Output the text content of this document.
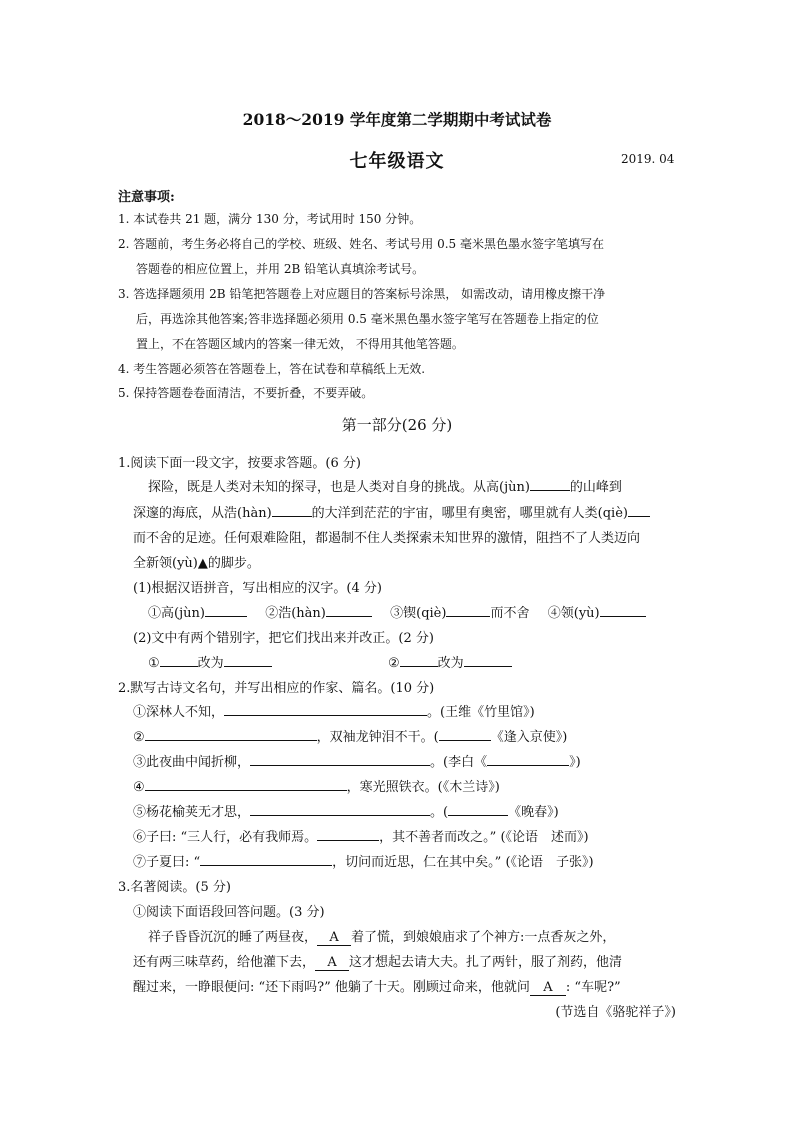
2018～2019 学年度第二学期期中考试试卷
七年级语文	2019. 04
注意事项:
1. 本试卷共 21 题，满分 130 分，考试用时 150 分钟。
2. 答题前，考生务必将自己的学校、班级、姓名、考试号用 0.5 毫米黑色墨水签字笔填写在
答题卷的相应位置上，并用 2B 铅笔认真填涂考试号。
3. 答选择题须用 2B 铅笔把答题卷上对应题目的答案标号涂黑， 如需改动，请用橡皮擦干净
后，再选涂其他答案;答非选择题必须用 0.5 毫米黑色墨水签字笔写在答题卷上指定的位
置上，不在答题区域内的答案一律无效， 不得用其他笔答题。
4. 考生答题必须答在答题卷上，答在试卷和草稿纸上无效.
5. 保持答题卷卷面清洁，不要折叠，不要弄破。
第一部分(26 分)
1.阅读下面一段文字，按要求答题。(6 分)
探险，既是人类对未知的探寻，也是人类对自身的挑战。从高(jùn)	的山峰到
深邃的海底，从浩(hàn)	的大洋到茫茫的宇宙，哪里有奥密，哪里就有人类(qiè)
而不舍的足迹。任何艰难险阻，都遏制不住人类探索未知世界的激情，阻挡不了人类迈向
全新领(yù)▲的脚步。
(1)根据汉语拼音，写出相应的汉字。(4 分)
①高(jùn)	②浩(hàn)	③锲(qiè)	而不舍 ④领(yù)
(2)文中有两个错别字，把它们找出来并改正。(2 分)
①	改为	②	改为
2.默写古诗文名句，并写出相应的作家、篇名。(10 分)
①深林人不知，	。(王维《竹里馆》)
②	，双袖龙钟泪不干。(	《逢入京使》)
③此夜曲中闻折柳，	。(李白《	》)
④	，寒光照铁衣。(《木兰诗》)
⑤杨花榆荚无才思，	。(	《晚春》)
⑥子曰: “三人行，必有我师焉。	，其不善者而改之。” (《论语　述而》)
⑦子夏曰: “	，切问而近思，仁在其中矣。” (《论语　子张》)
3.名著阅读。(5 分)
①阅读下面语段回答问题。(3 分)
祥子昏昏沉沉的睡了两昼夜， A 着了慌，到娘娘庙求了个神方:一点香灰之外，
还有两三味草药，给他灌下去， A 这才想起去请大夫。扎了两针，服了剂药，他清
醒过来，一睁眼便问: “还下雨吗?” 他躺了十天。刚顾过命来，他就问 A : “车呢?”
(节选自《骆驼祥子》)
